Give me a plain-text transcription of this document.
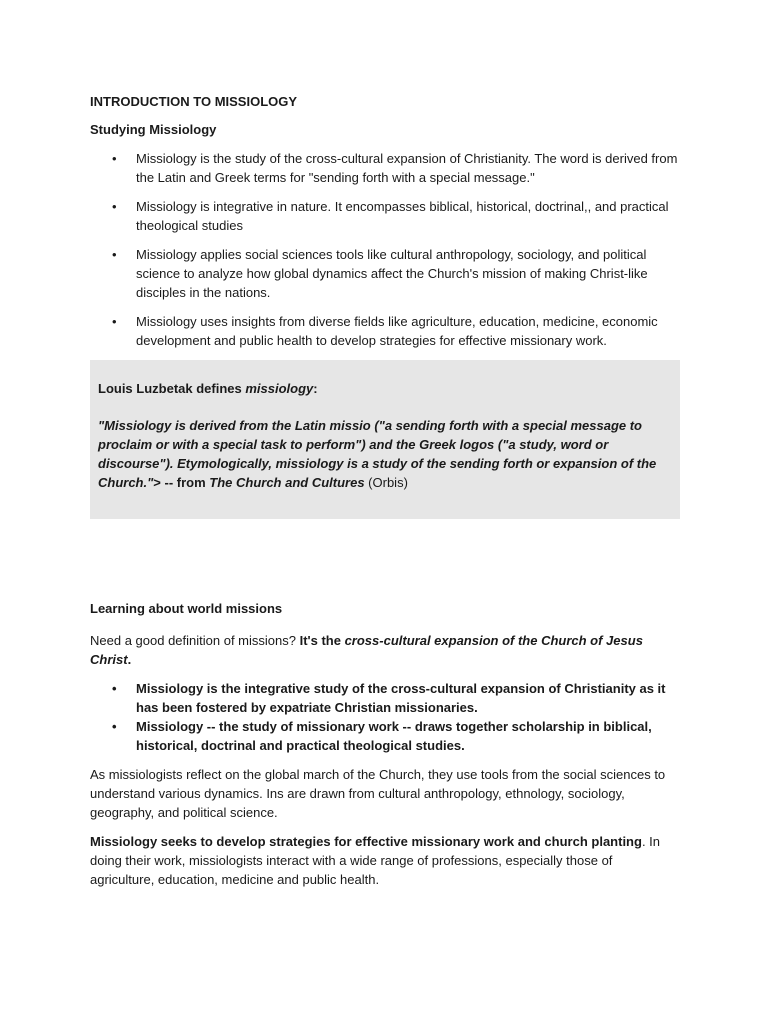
INTRODUCTION TO MISSIOLOGY

Studying Missiology

• Missiology is the study of the cross-cultural expansion of Christianity. The word is derived from the Latin and Greek terms for "sending forth with a special message."
• Missiology is integrative in nature. It encompasses biblical, historical, doctrinal,, and practical theological studies
• Missiology applies social sciences tools like cultural anthropology, sociology, and political science to analyze how global dynamics affect the Church's mission of making Christ-like disciples in the nations.
• Missiology uses insights from diverse fields like agriculture, education, medicine, economic development and public health to develop strategies for effective missionary work.

Louis Luzbetak defines missiology:

"Missiology is derived from the Latin missio ("a sending forth with a special message to proclaim or with a special task to perform") and the Greek logos ("a study, word or discourse"). Etymologically, missiology is a study of the sending forth or expansion of the Church."> -- from The Church and Cultures (Orbis)

Learning about world missions

Need a good definition of missions? It's the cross-cultural expansion of the Church of Jesus Christ.

• Missiology is the integrative study of the cross-cultural expansion of Christianity as it has been fostered by expatriate Christian missionaries.
• Missiology -- the study of missionary work -- draws together scholarship in biblical, historical, doctrinal and practical theological studies.

As missiologists reflect on the global march of the Church, they use tools from the social sciences to understand various dynamics. Ins are drawn from cultural anthropology, ethnology, sociology, geography, and political science.

Missiology seeks to develop strategies for effective missionary work and church planting. In doing their work, missiologists interact with a wide range of professions, especially those of agriculture, education, medicine and public health.
